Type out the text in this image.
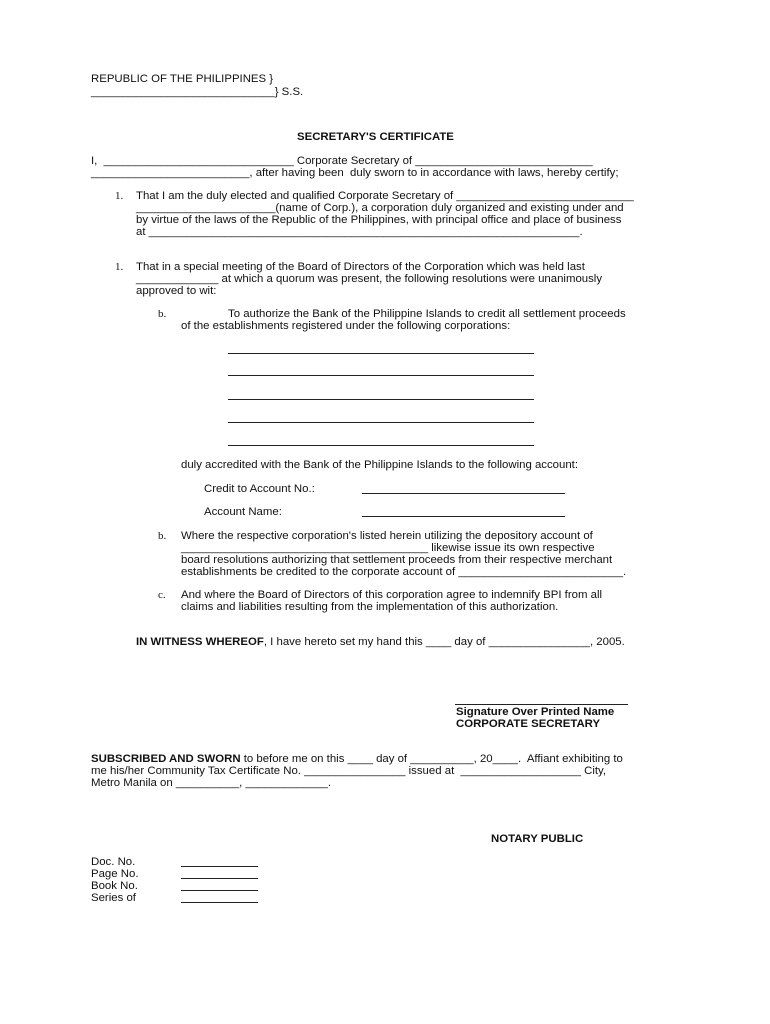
REPUBLIC OF THE PHILIPPINES }
_____________________________} S.S.
SECRETARY'S CERTIFICATE
I,  ______________________________ Corporate Secretary of ____________________________
_________________________, after having been  duly sworn to in accordance with laws, hereby certify;
1. That I am the duly elected and qualified Corporate Secretary of ____________________________
______________________(name of Corp.), a corporation duly organized and existing under and
by virtue of the laws of the Republic of the Philippines, with principal office and place of business
at ____________________________________________________________________.
1. That in a special meeting of the Board of Directors of the Corporation which was held last
_____________ at which a quorum was present, the following resolutions were unanimously
approved to wit:
b.	To authorize the Bank of the Philippine Islands to credit all settlement proceeds
of the establishments registered under the following corporations:
duly accredited with the Bank of the Philippine Islands to the following account:
Credit to Account No.:
Account Name:
b. Where the respective corporation's listed herein utilizing the depository account of
_______________________________________ likewise issue its own respective
board resolutions authorizing that settlement proceeds from their respective merchant
establishments be credited to the corporate account of __________________________.
c. And where the Board of Directors of this corporation agree to indemnify BPI from all
claims and liabilities resulting from the implementation of this authorization.
IN WITNESS WHEREOF, I have hereto set my hand this ____ day of ________________, 2005.
Signature Over Printed Name
CORPORATE SECRETARY
SUBSCRIBED AND SWORN to before me on this ____ day of __________, 20____.  Affiant exhibiting to
me his/her Community Tax Certificate No. ________________ issued at  ___________________ City,
Metro Manila on __________, _____________.
NOTARY PUBLIC
Doc. No.
Page No.
Book No.
Series of
